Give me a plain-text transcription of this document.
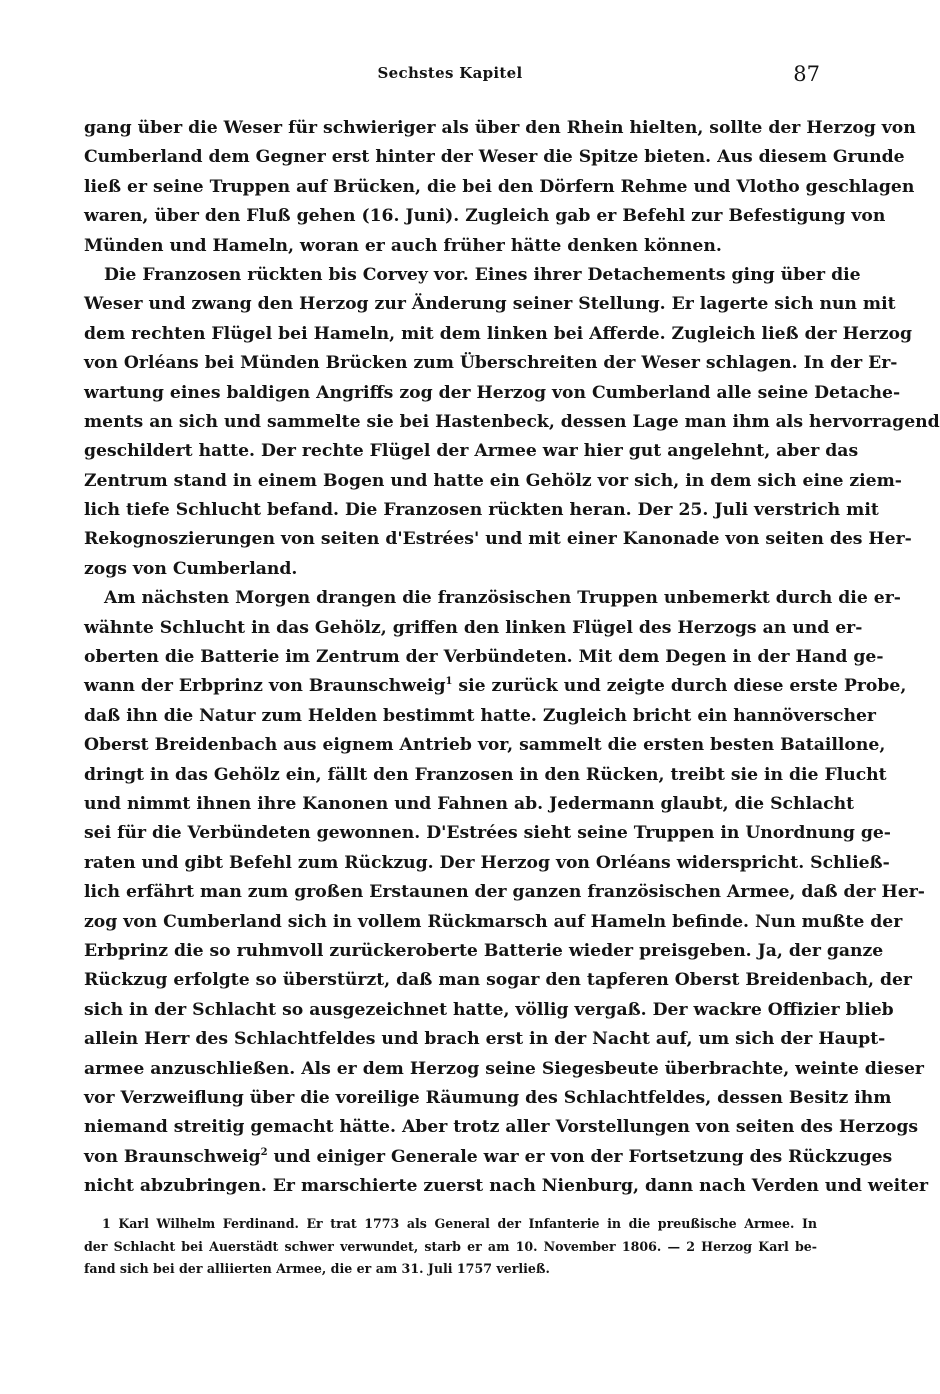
Sechstes Kapitel	87
gang über die Weser für schwieriger als über den Rhein hielten, sollte der Herzog von
Cumberland dem Gegner erst hinter der Weser die Spitze bieten. Aus diesem Grunde
ließ er seine Truppen auf Brücken, die bei den Dörfern Rehme und Vlotho geschlagen
waren, über den Fluß gehen (16. Juni). Zugleich gab er Befehl zur Befestigung von
Münden und Hameln, woran er auch früher hätte denken können.
Die Franzosen rückten bis Corvey vor. Eines ihrer Detachements ging über die
Weser und zwang den Herzog zur Änderung seiner Stellung. Er lagerte sich nun mit
dem rechten Flügel bei Hameln, mit dem linken bei Afferde. Zugleich ließ der Herzog
von Orléans bei Münden Brücken zum Überschreiten der Weser schlagen. In der Er-
wartung eines baldigen Angriffs zog der Herzog von Cumberland alle seine Detache-
ments an sich und sammelte sie bei Hastenbeck, dessen Lage man ihm als hervorragend
geschildert hatte. Der rechte Flügel der Armee war hier gut angelehnt, aber das
Zentrum stand in einem Bogen und hatte ein Gehölz vor sich, in dem sich eine ziem-
lich tiefe Schlucht befand. Die Franzosen rückten heran. Der 25. Juli verstrich mit
Rekognoszierungen von seiten d'Estrées' und mit einer Kanonade von seiten des Her-
zogs von Cumberland.
Am nächsten Morgen drangen die französischen Truppen unbemerkt durch die er-
wähnte Schlucht in das Gehölz, griffen den linken Flügel des Herzogs an und er-
oberten die Batterie im Zentrum der Verbündeten. Mit dem Degen in der Hand ge-
wann der Erbprinz von Braunschweig$^1$ sie zurück und zeigte durch diese erste Probe,
daß ihn die Natur zum Helden bestimmt hatte. Zugleich bricht ein hannöverscher
Oberst Breidenbach aus eignem Antrieb vor, sammelt die ersten besten Bataillone,
dringt in das Gehölz ein, fällt den Franzosen in den Rücken, treibt sie in die Flucht
und nimmt ihnen ihre Kanonen und Fahnen ab. Jedermann glaubt, die Schlacht
sei für die Verbündeten gewonnen. D'Estrées sieht seine Truppen in Unordnung ge-
raten und gibt Befehl zum Rückzug. Der Herzog von Orléans widerspricht. Schließ-
lich erfährt man zum großen Erstaunen der ganzen französischen Armee, daß der Her-
zog von Cumberland sich in vollem Rückmarsch auf Hameln befinde. Nun mußte der
Erbprinz die so ruhmvoll zurückeroberte Batterie wieder preisgeben. Ja, der ganze
Rückzug erfolgte so überstürzt, daß man sogar den tapferen Oberst Breidenbach, der
sich in der Schlacht so ausgezeichnet hatte, völlig vergaß. Der wackre Offizier blieb
allein Herr des Schlachtfeldes und brach erst in der Nacht auf, um sich der Haupt-
armee anzuschließen. Als er dem Herzog seine Siegesbeute überbrachte, weinte dieser
vor Verzweiflung über die voreilige Räumung des Schlachtfeldes, dessen Besitz ihm
niemand streitig gemacht hätte. Aber trotz aller Vorstellungen von seiten des Herzogs
von Braunschweig$^2$ und einiger Generale war er von der Fortsetzung des Rückzuges
nicht abzubringen. Er marschierte zuerst nach Nienburg, dann nach Verden und weiter
1 Karl Wilhelm Ferdinand. Er trat 1773 als General der Infanterie in die preußische Armee. In
der Schlacht bei Auerstädt schwer verwundet, starb er am 10. November 1806. — 2 Herzog Karl be-
fand sich bei der alliierten Armee, die er am 31. Juli 1757 verließ.
